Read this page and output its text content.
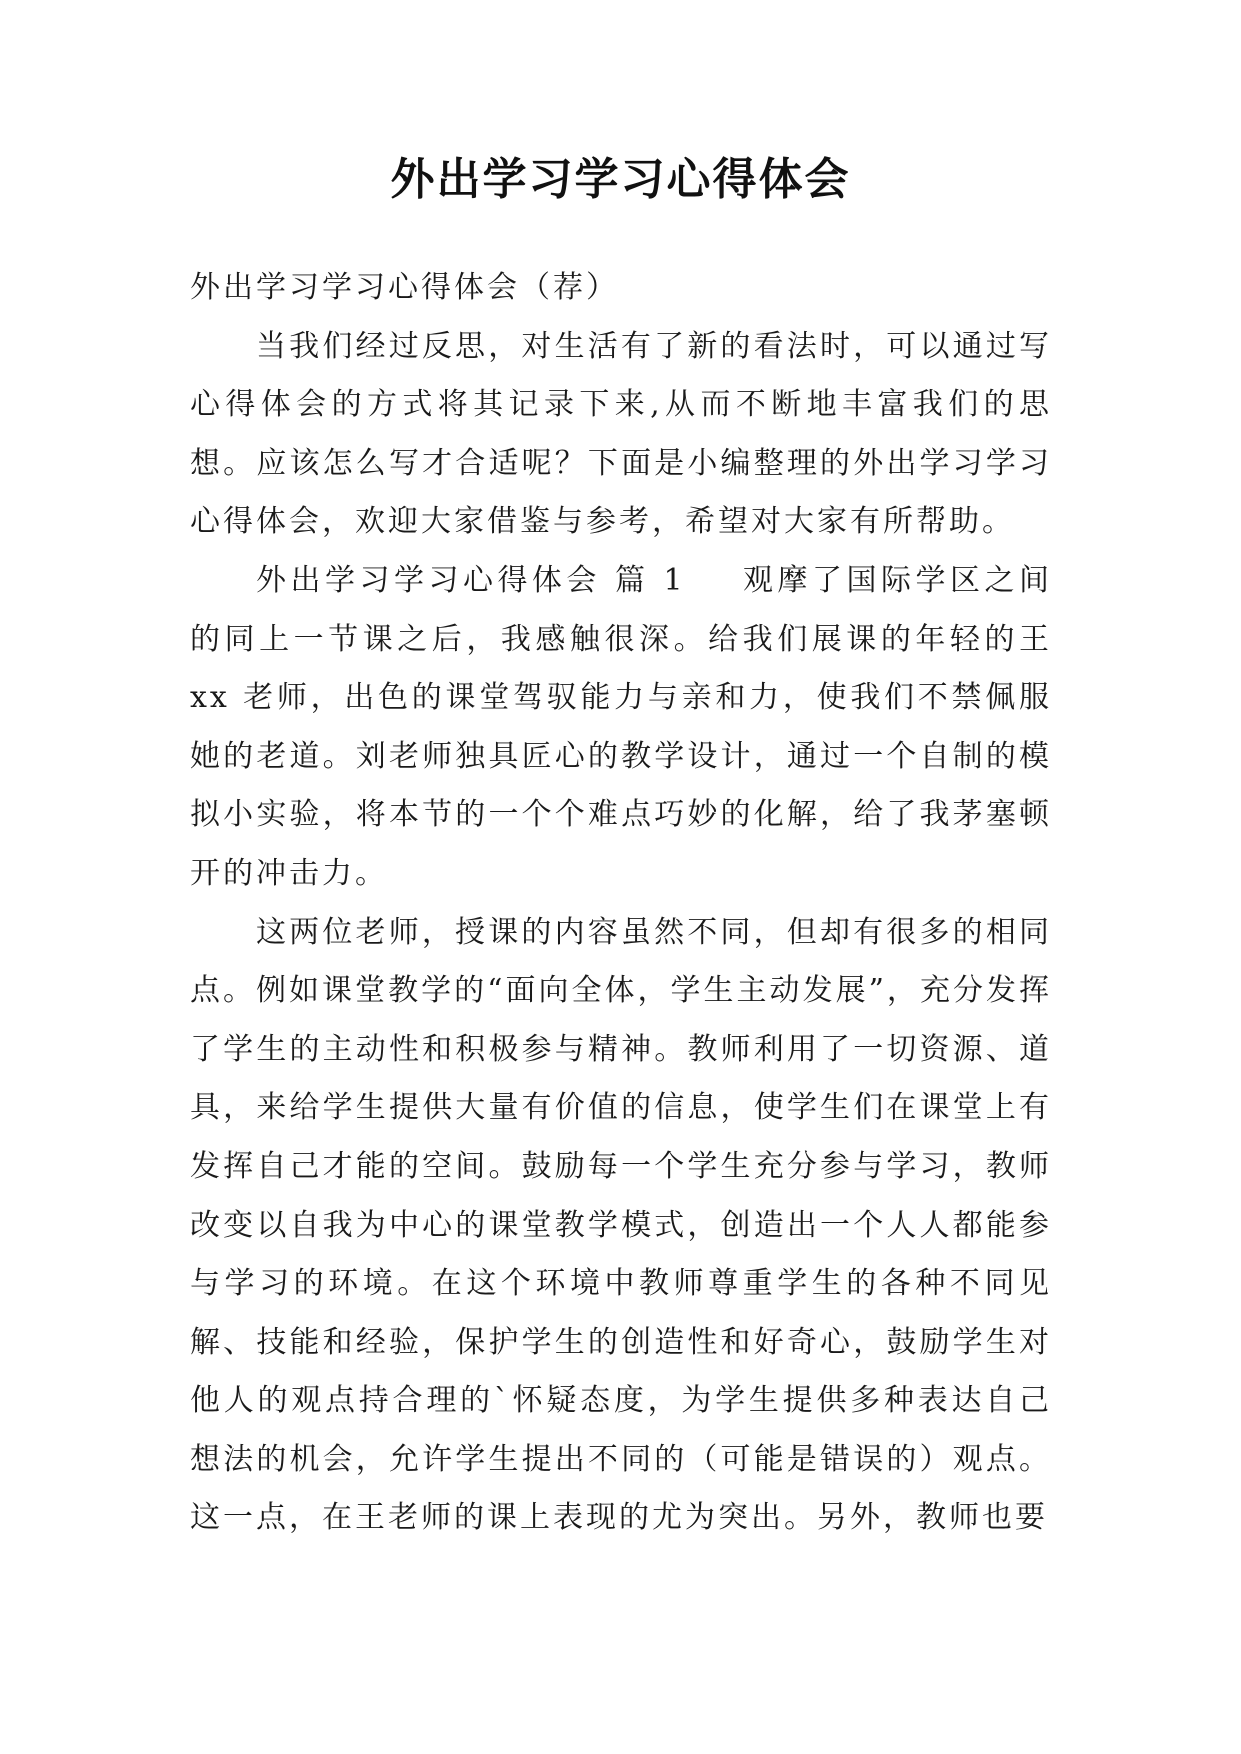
外出学习学习心得体会

外出学习学习心得体会（荐）

当我们经过反思，对生活有了新的看法时，可以通过写心得体会的方式将其记录下来,从而不断地丰富我们的思想。应该怎么写才合适呢？下面是小编整理的外出学习学习心得体会，欢迎大家借鉴与参考，希望对大家有所帮助。

外出学习学习心得体会 篇 1 观摩了国际学区之间的同上一节课之后，我感触很深。给我们展课的年轻的王 xx 老师，出色的课堂驾驭能力与亲和力，使我们不禁佩服她的老道。刘老师独具匠心的教学设计，通过一个自制的模拟小实验，将本节的一个个难点巧妙的化解，给了我茅塞顿开的冲击力。

这两位老师，授课的内容虽然不同，但却有很多的相同点。例如课堂教学的“面向全体，学生主动发展”，充分发挥了学生的主动性和积极参与精神。教师利用了一切资源、道具，来给学生提供大量有价值的信息，使学生们在课堂上有发挥自己才能的空间。鼓励每一个学生充分参与学习，教师改变以自我为中心的课堂教学模式，创造出一个人人都能参与学习的环境。在这个环境中教师尊重学生的各种不同见解、技能和经验，保护学生的创造性和好奇心，鼓励学生对他人的观点持合理的`怀疑态度，为学生提供多种表达自己想法的机会，允许学生提出不同的（可能是错误的）观点。这一点，在王老师的课上表现的尤为突出。另外，教师也要
